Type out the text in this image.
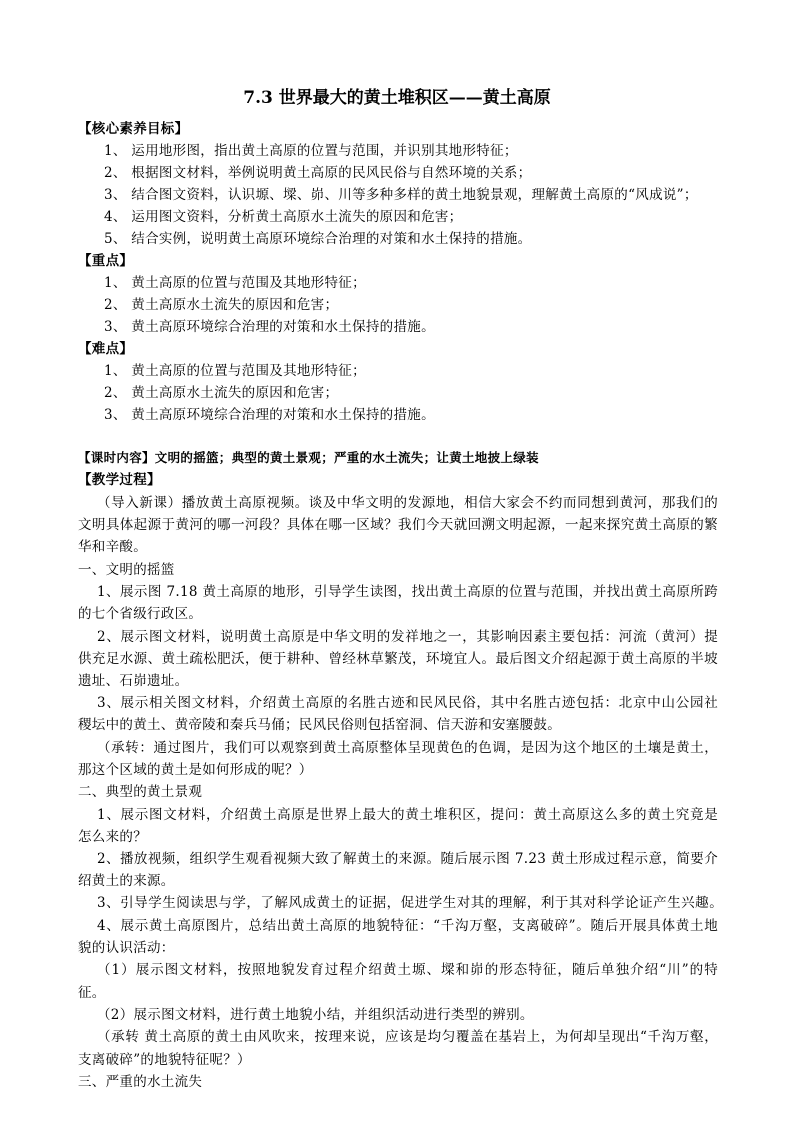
7.3 世界最大的黄土堆积区——黄土高原
【核心素养目标】
1、 运用地形图，指出黄土高原的位置与范围，并识别其地形特征；
2、 根据图文材料，举例说明黄土高原的民风民俗与自然环境的关系；
3、 结合图文资料，认识塬、墚、峁、川等多种多样的黄土地貌景观，理解黄土高原的“风成说”；
4、 运用图文资料，分析黄土高原水土流失的原因和危害；
5、 结合实例，说明黄土高原环境综合治理的对策和水土保持的措施。
【重点】
1、 黄土高原的位置与范围及其地形特征；
2、 黄土高原水土流失的原因和危害；
3、 黄土高原环境综合治理的对策和水土保持的措施。
【难点】
1、 黄土高原的位置与范围及其地形特征；
2、 黄土高原水土流失的原因和危害；
3、 黄土高原环境综合治理的对策和水土保持的措施。
【课时内容】文明的摇篮；典型的黄土景观；严重的水土流失；让黄土地披上绿装
【教学过程】
（导入新课）播放黄土高原视频。谈及中华文明的发源地，相信大家会不约而同想到黄河，那我们的
文明具体起源于黄河的哪一河段？具体在哪一区域？我们今天就回溯文明起源，一起来探究黄土高原的繁
华和辛酸。
一、文明的摇篮
1、展示图 7.18 黄土高原的地形，引导学生读图，找出黄土高原的位置与范围，并找出黄土高原所跨
的七个省级行政区。
2、展示图文材料，说明黄土高原是中华文明的发祥地之一，其影响因素主要包括：河流（黄河）提
供充足水源、黄土疏松肥沃，便于耕种、曾经林草繁茂，环境宜人。最后图文介绍起源于黄土高原的半坡
遗址、石峁遗址。
3、展示相关图文材料，介绍黄土高原的名胜古迹和民风民俗，其中名胜古迹包括：北京中山公园社
稷坛中的黄土、黄帝陵和秦兵马俑；民风民俗则包括窑洞、信天游和安塞腰鼓。
（承转：通过图片，我们可以观察到黄土高原整体呈现黄色的色调，是因为这个地区的土壤是黄土，
那这个区域的黄土是如何形成的呢？）
二、典型的黄土景观
1、展示图文材料，介绍黄土高原是世界上最大的黄土堆积区，提问：黄土高原这么多的黄土究竟是
怎么来的？
2、播放视频，组织学生观看视频大致了解黄土的来源。随后展示图 7.23 黄土形成过程示意，简要介
绍黄土的来源。
3、引导学生阅读思与学，了解风成黄土的证据，促进学生对其的理解，利于其对科学论证产生兴趣。
4、展示黄土高原图片，总结出黄土高原的地貌特征：“千沟万壑，支离破碎”。随后开展具体黄土地
貌的认识活动：
（1）展示图文材料，按照地貌发育过程介绍黄土塬、墚和峁的形态特征，随后单独介绍“川”的特
征。
（2）展示图文材料，进行黄土地貌小结，并组织活动进行类型的辨别。
（承转 黄土高原的黄土由风吹来，按理来说，应该是均匀覆盖在基岩上，为何却呈现出“千沟万壑，
支离破碎”的地貌特征呢？）
三、严重的水土流失
